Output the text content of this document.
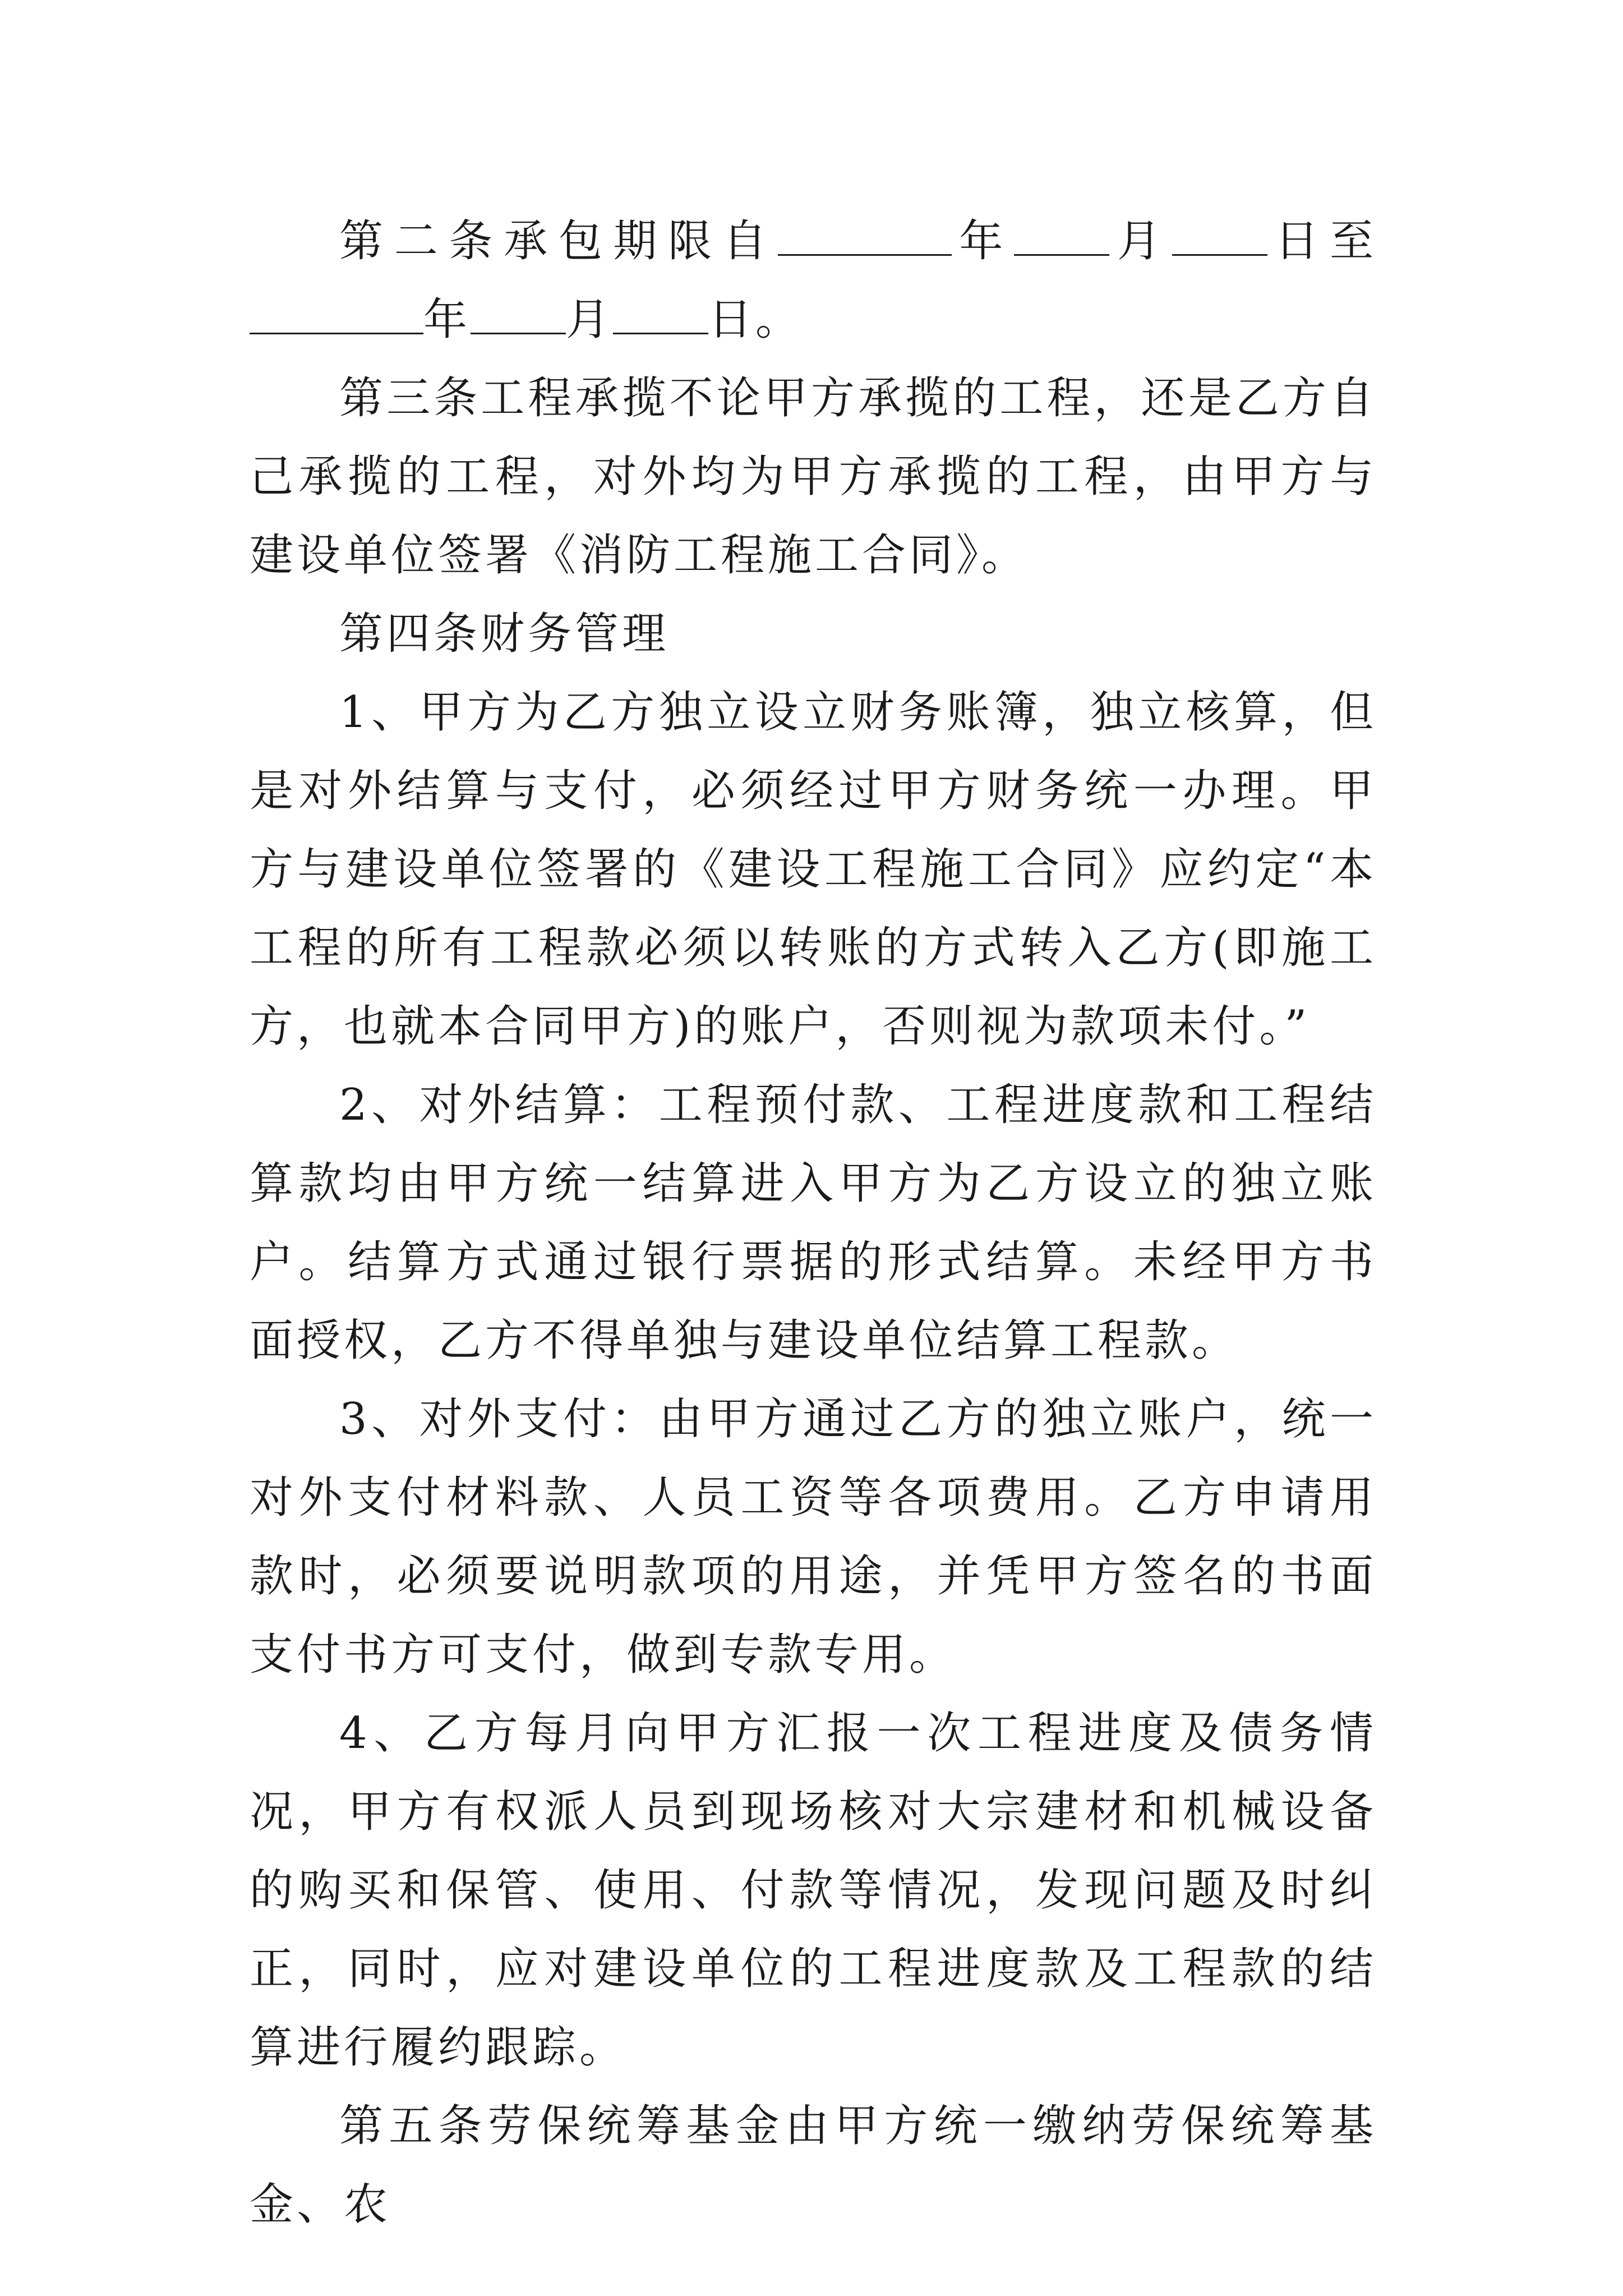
第二条承包期限自	年 月 日至年 月 日。

第三条工程承揽不论甲方承揽的工程，还是乙方自己承揽的工程，对外均为甲方承揽的工程，由甲方与建设单位签署《消防工程施工合同》。

第四条财务管理

1、甲方为乙方独立设立财务账簿，独立核算，但是对外结算与支付，必须经过甲方财务统一办理。甲方与建设单位签署的《建设工程施工合同》应约定“本工程的所有工程款必须以转账的方式转入乙方(即施工方，也就本合同甲方)的账户，否则视为款项未付。”

2、对外结算：工程预付款、工程进度款和工程结算款均由甲方统一结算进入甲方为乙方设立的独立账户。结算方式通过银行票据的形式结算。未经甲方书面授权，乙方不得单独与建设单位结算工程款。

3、对外支付：由甲方通过乙方的独立账户，统一对外支付材料款、人员工资等各项费用。乙方申请用款时，必须要说明款项的用途，并凭甲方签名的书面支付书方可支付，做到专款专用。

4、乙方每月向甲方汇报一次工程进度及债务情况，甲方有权派人员到现场核对大宗建材和机械设备的购买和保管、使用、付款等情况，发现问题及时纠正，同时，应对建设单位的工程进度款及工程款的结算进行履约跟踪。

第五条劳保统筹基金由甲方统一缴纳劳保统筹基金、农
